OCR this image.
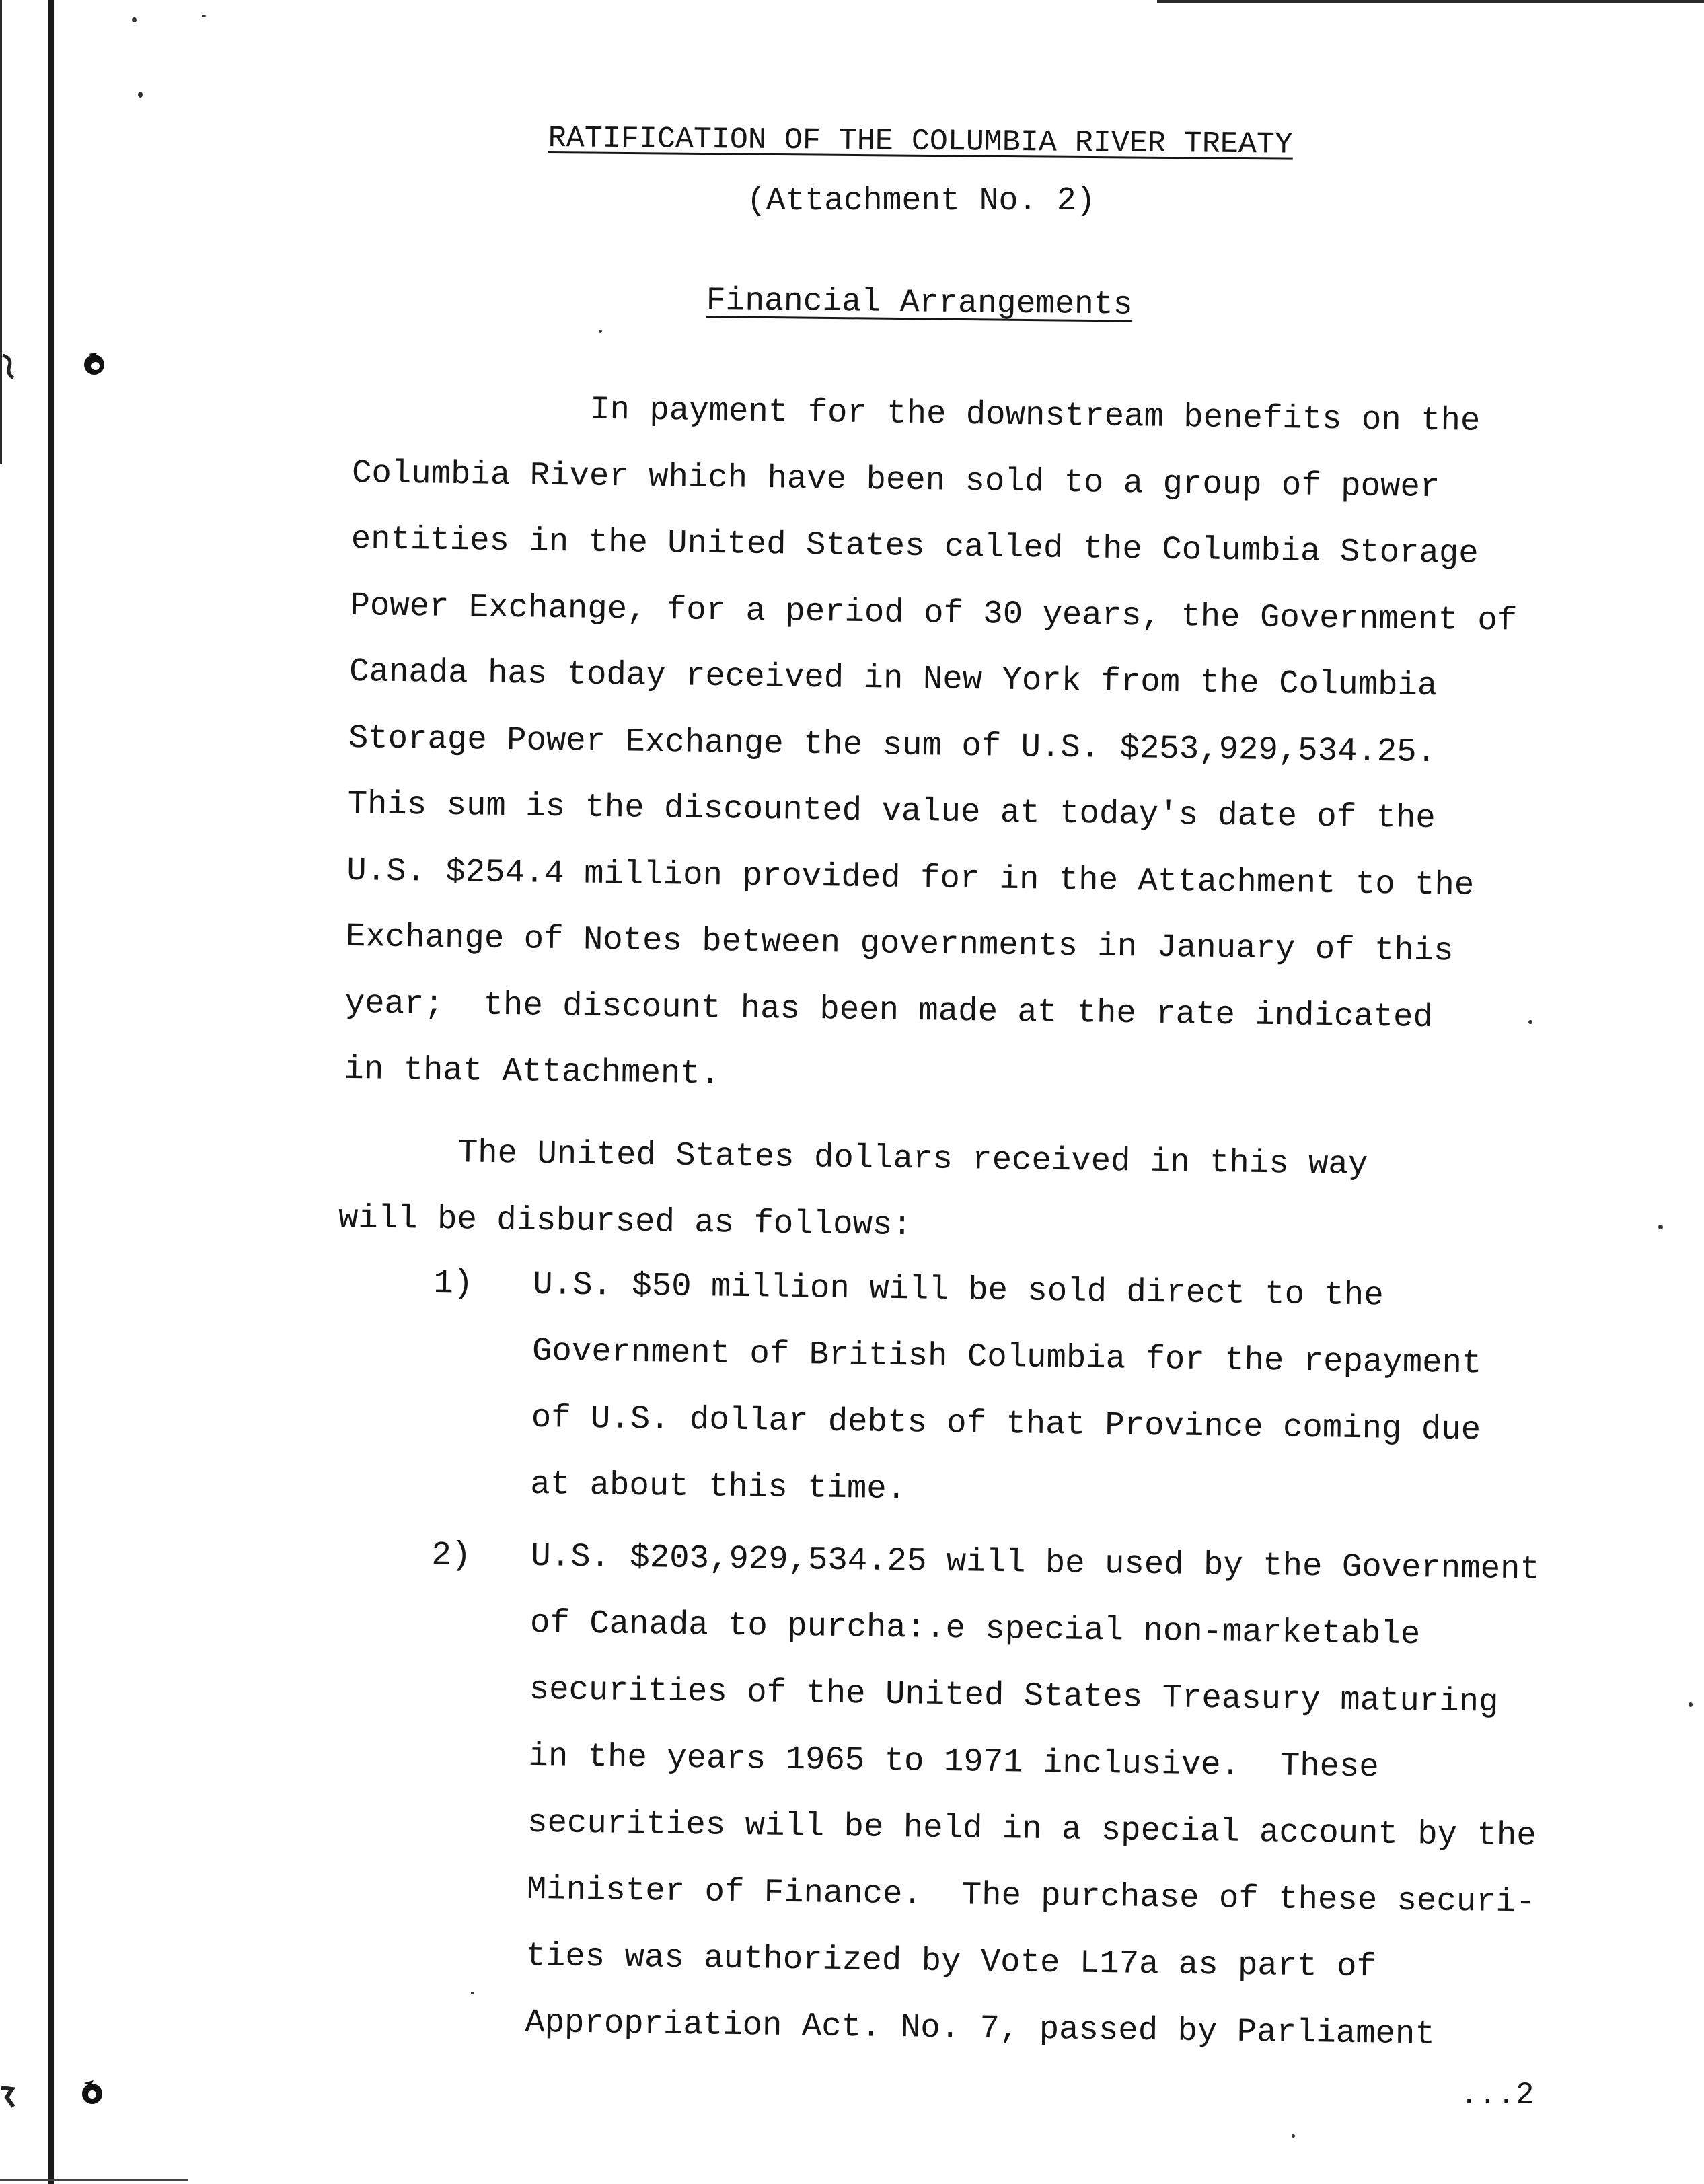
RATIFICATION OF THE COLUMBIA RIVER TREATY
(Attachment No. 2)
Financial Arrangements
In payment for the downstream benefits on the
Columbia River which have been sold to a group of power
entities in the United States called the Columbia Storage
Power Exchange, for a period of 30 years, the Government of
Canada has today received in New York from the Columbia
Storage Power Exchange the sum of U.S. $253,929,534.25.
This sum is the discounted value at today's date of the
U.S. $254.4 million provided for in the Attachment to the
Exchange of Notes between governments in January of this
year;  the discount has been made at the rate indicated
in that Attachment.
The United States dollars received in this way
will be disbursed as follows:
1) U.S. $50 million will be sold direct to the
Government of British Columbia for the repayment
of U.S. dollar debts of that Province coming due
at about this time.
2) U.S. $203,929,534.25 will be used by the Government
of Canada to purcha:.e special non-marketable
securities of the United States Treasury maturing
in the years 1965 to 1971 inclusive.  These
securities will be held in a special account by the
Minister of Finance.  The purchase of these securi-
ties was authorized by Vote L17a as part of
Appropriation Act. No. 7, passed by Parliament
...2
